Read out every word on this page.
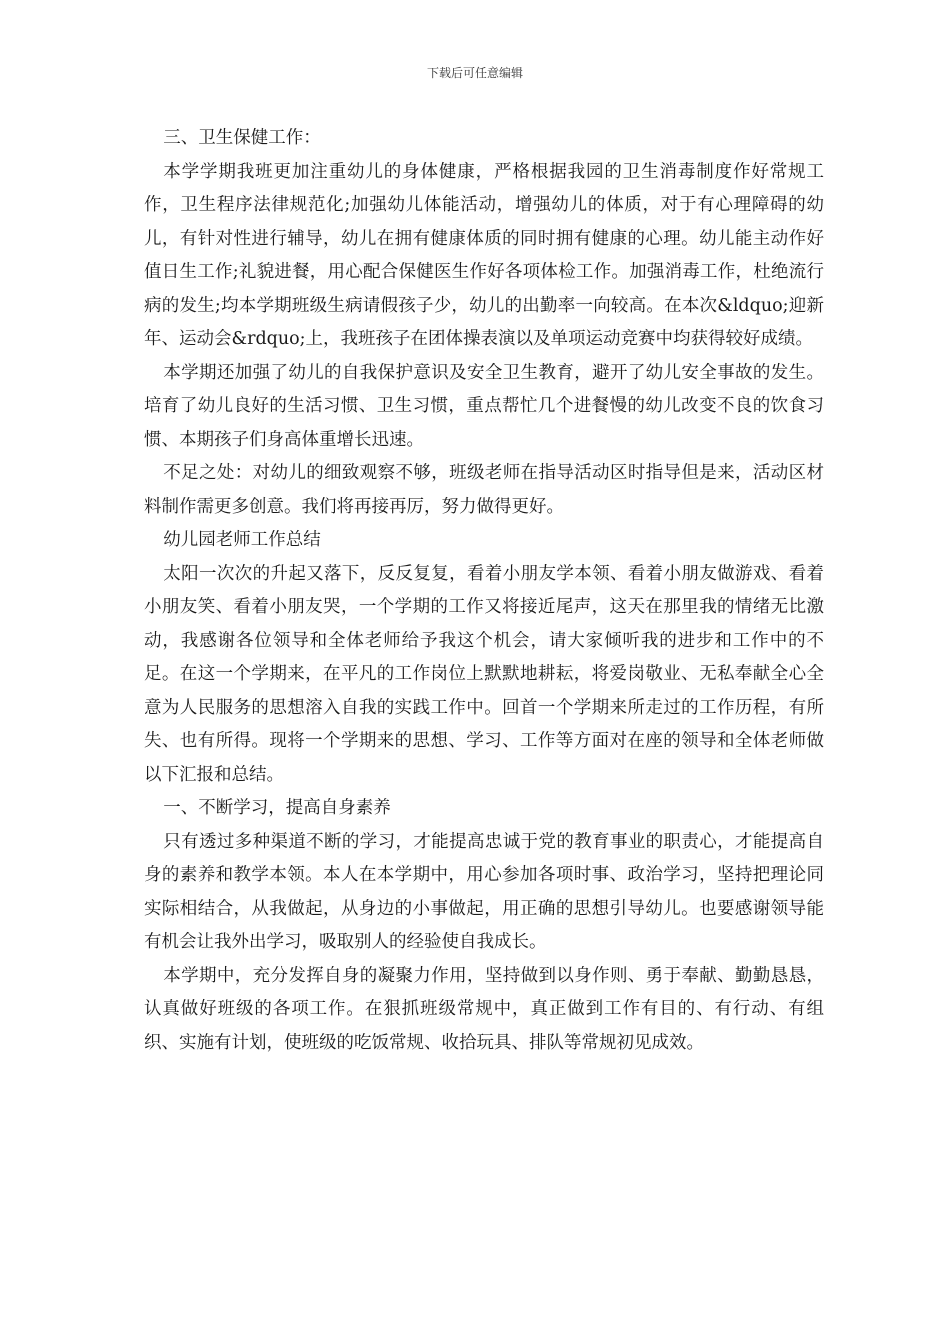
下载后可任意编辑

三、卫生保健工作：

本学学期我班更加注重幼儿的身体健康，严格根据我园的卫生消毒制度作好常规工作，卫生程序法律规范化;加强幼儿体能活动，增强幼儿的体质，对于有心理障碍的幼儿，有针对性进行辅导，幼儿在拥有健康体质的同时拥有健康的心理。幼儿能主动作好值日生工作;礼貌进餐，用心配合保健医生作好各项体检工作。加强消毒工作，杜绝流行病的发生;均本学期班级生病请假孩子少，幼儿的出勤率一向较高。在本次&ldquo;迎新年、运动会&rdquo;上，我班孩子在团体操表演以及单项运动竞赛中均获得较好成绩。

本学期还加强了幼儿的自我保护意识及安全卫生教育，避开了幼儿安全事故的发生。培育了幼儿良好的生活习惯、卫生习惯，重点帮忙几个进餐慢的幼儿改变不良的饮食习惯、本期孩子们身高体重增长迅速。

不足之处：对幼儿的细致观察不够，班级老师在指导活动区时指导但是来，活动区材料制作需更多创意。我们将再接再厉，努力做得更好。

幼儿园老师工作总结

太阳一次次的升起又落下，反反复复，看着小朋友学本领、看着小朋友做游戏、看着小朋友笑、看着小朋友哭，一个学期的工作又将接近尾声，这天在那里我的情绪无比激动，我感谢各位领导和全体老师给予我这个机会，请大家倾听我的进步和工作中的不足。在这一个学期来，在平凡的工作岗位上默默地耕耘，将爱岗敬业、无私奉献全心全意为人民服务的思想溶入自我的实践工作中。回首一个学期来所走过的工作历程，有所失、也有所得。现将一个学期来的思想、学习、工作等方面对在座的领导和全体老师做以下汇报和总结。

一、不断学习，提高自身素养

只有透过多种渠道不断的学习，才能提高忠诚于党的教育事业的职责心，才能提高自身的素养和教学本领。本人在本学期中，用心参加各项时事、政治学习，坚持把理论同实际相结合，从我做起，从身边的小事做起，用正确的思想引导幼儿。也要感谢领导能有机会让我外出学习，吸取别人的经验使自我成长。

本学期中，充分发挥自身的凝聚力作用，坚持做到以身作则、勇于奉献、勤勤恳恳，认真做好班级的各项工作。在狠抓班级常规中，真正做到工作有目的、有行动、有组织、实施有计划，使班级的吃饭常规、收拾玩具、排队等常规初见成效。
